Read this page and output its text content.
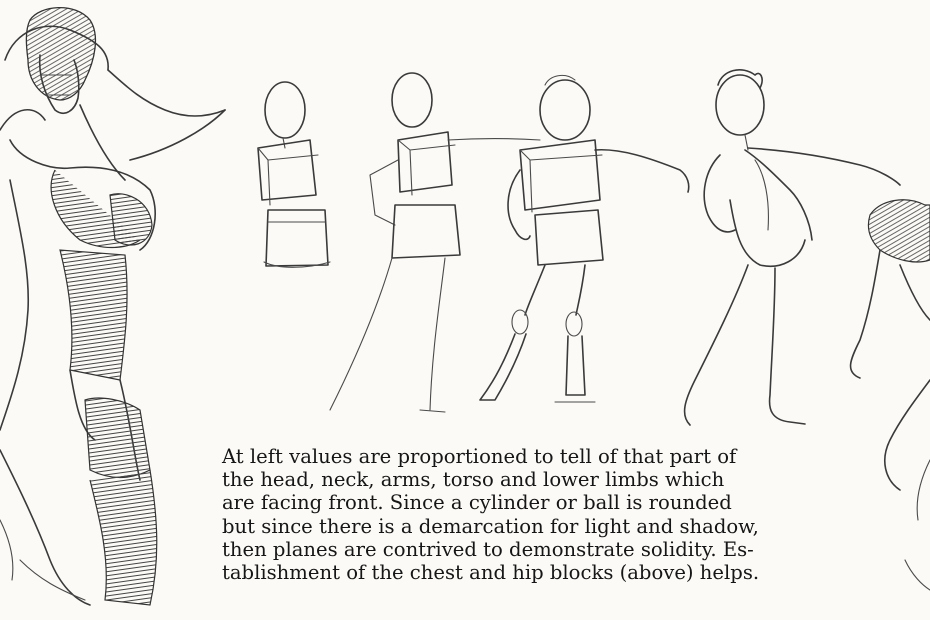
At left values are proportioned to tell of that part of
the head, neck, arms, torso and lower limbs which
are facing front. Since a cylinder or ball is rounded
but since there is a demarcation for light and shadow,
then planes are contrived to demonstrate solidity. Es-
tablishment of the chest and hip blocks (above) helps.
